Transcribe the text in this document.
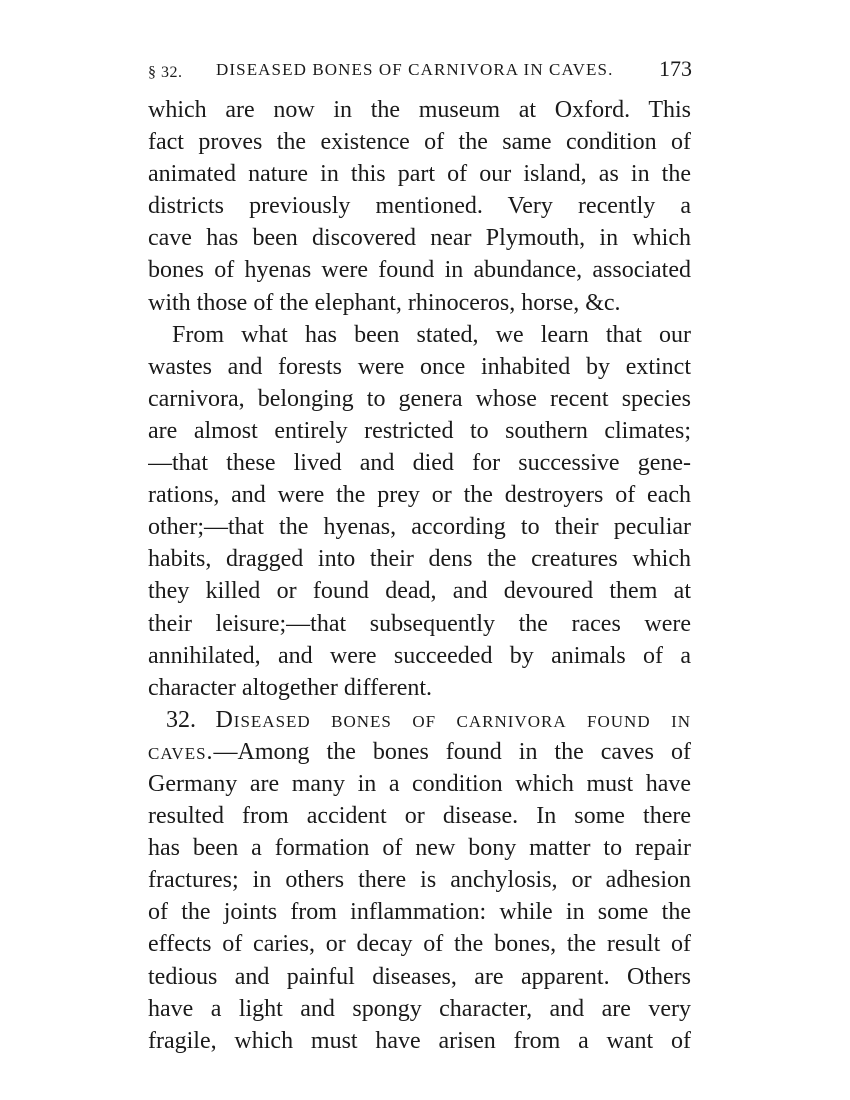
§ 32. DISEASED BONES OF CARNIVORA IN CAVES. 173
which are now in the museum at Oxford. This
fact proves the existence of the same condition of
animated nature in this part of our island, as in the
districts previously mentioned. Very recently a
cave has been discovered near Plymouth, in which
bones of hyenas were found in abundance, associated
with those of the elephant, rhinoceros, horse, &c.
From what has been stated, we learn that our
wastes and forests were once inhabited by extinct
carnivora, belonging to genera whose recent species
are almost entirely restricted to southern climates;
—that these lived and died for successive gene-
rations, and were the prey or the destroyers of each
other;—that the hyenas, according to their peculiar
habits, dragged into their dens the creatures which
they killed or found dead, and devoured them at
their leisure;—that subsequently the races were
annihilated, and were succeeded by animals of a
character altogether different.
32. Diseased bones of carnivora found in
caves.—Among the bones found in the caves of
Germany are many in a condition which must have
resulted from accident or disease. In some there
has been a formation of new bony matter to repair
fractures; in others there is anchylosis, or adhesion
of the joints from inflammation: while in some the
effects of caries, or decay of the bones, the result of
tedious and painful diseases, are apparent. Others
have a light and spongy character, and are very
fragile, which must have arisen from a want of
